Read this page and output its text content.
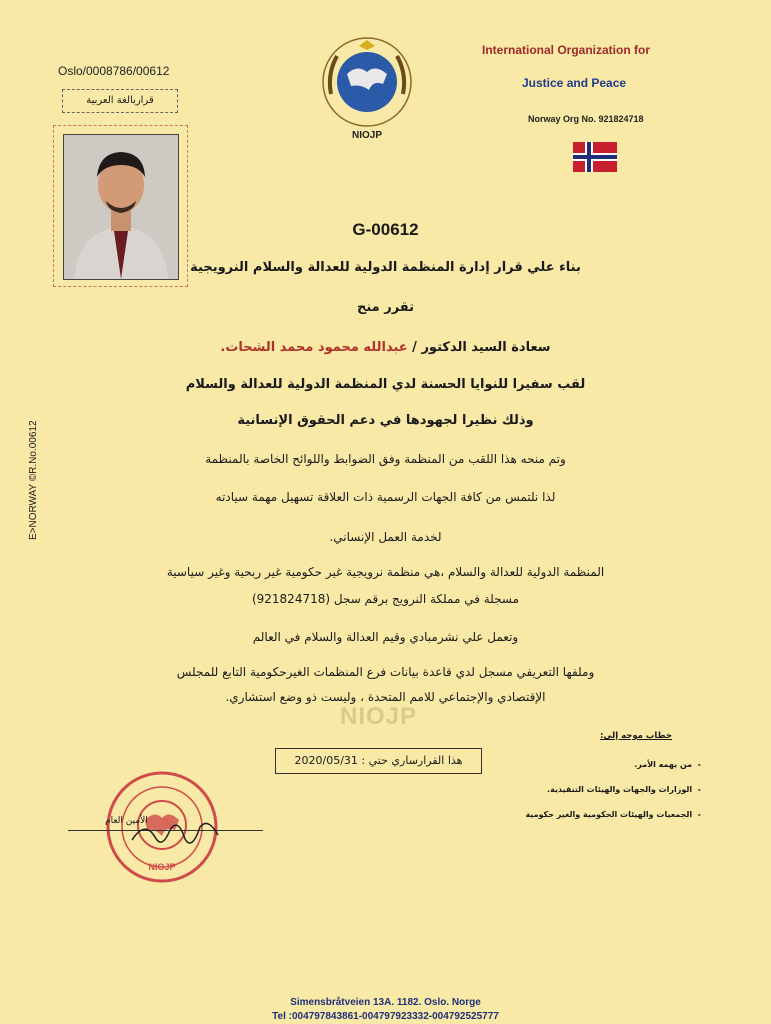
Oslo/0008786/00612
قراربالغة العربية
NIOJP
International Organization for
Justice and Peace
Norway Org No. 921824718
G-00612
بناء علي قرار إدارة المنظمة الدولية للعدالة والسلام النرويجية
تقرر منح
سعادة السيد الدكتور / عبدالله محمود محمد الشحات.
لقب سفيرا للنوايا الحسنة لدي المنظمة الدولية للعدالة والسلام
وذلك نظيرا لجهودها في دعم الحقوق الإنسانية
وتم منحه هذا اللقب من المنظمة وفق الضوابط واللوائح الخاصة بالمنظمة
لذا نلتمس من كافة الجهات الرسمية ذات العلاقة تسهيل مهمة سيادته
لخدمة العمل الإنساني.
المنظمة الدولية للعدالة والسلام ،هي منظمة نرويجية غير حكومية غير ربحية وغير سياسية
مسجلة في مملكة النرويج برقم سجل (921824718)
وتعمل علي نشرمبادي وقيم العدالة والسلام في العالم
وملفها التعريفي مسجل لدي قاعدة بيانات فرع المنظمات الغيرحكومية التابع للمجلس
الإقتصادي والإجتماعي للامم المتحدة ، وليست ذو وضع استشاري.
E>NORWAY ©R.No.00612
NIOJP
خطاب موجه إلى:
-  من يهمه الأمر.
-  الوزارات والجهات والهيئات التنفيذية.
-  الجمعيات والهيئات الحكومية والغير حكومية
هذا القرارساري حتي : 2020/05/31
NIOJP
الأمين العام
Simensbråtveien 13A. 1182. Oslo. Norge
Tel :004797843861-004797923332-004792525777
